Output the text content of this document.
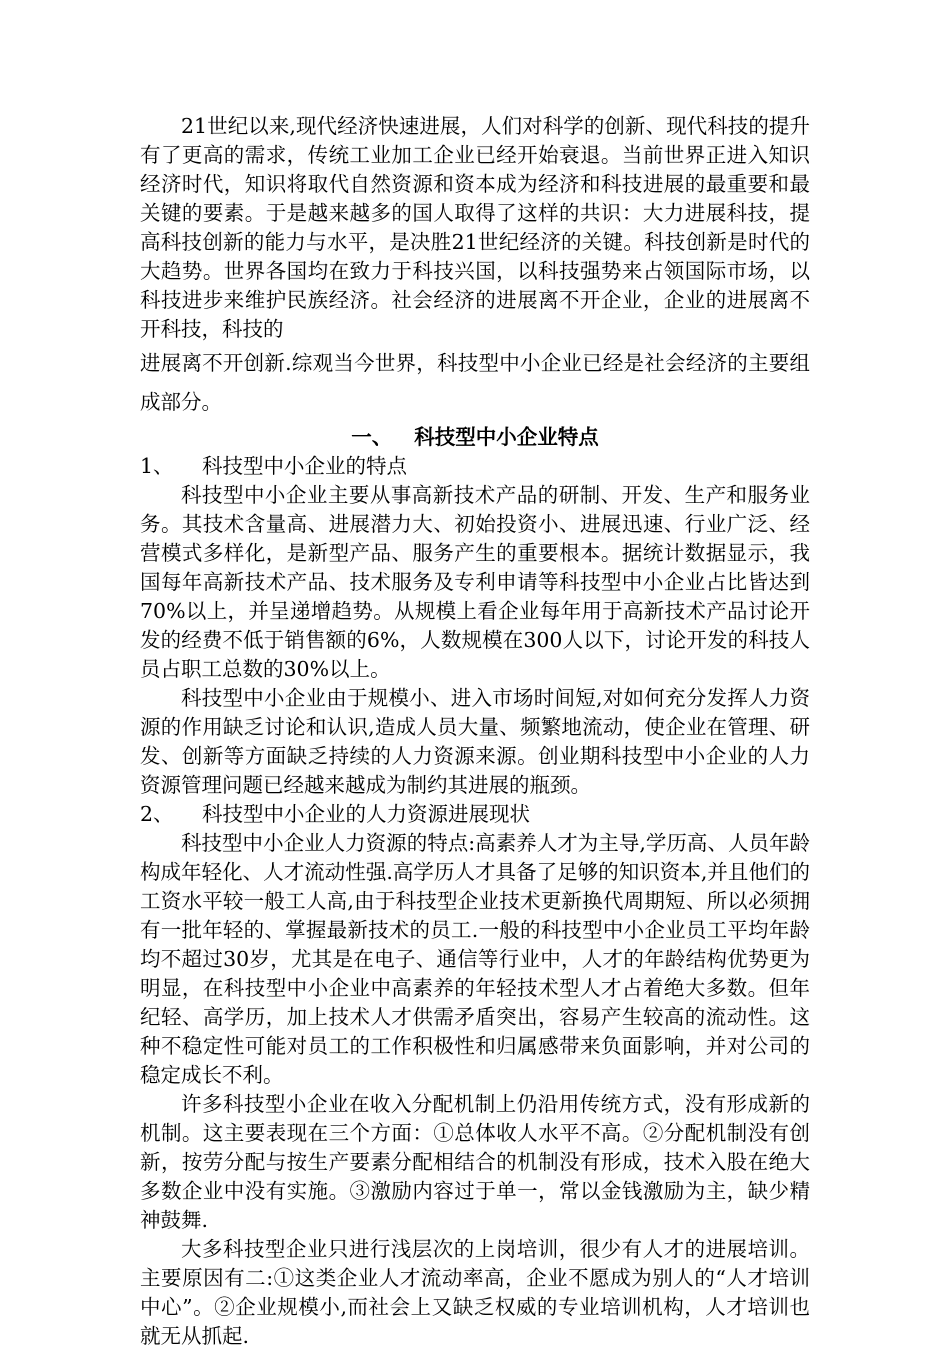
21世纪以来,现代经济快速进展，人们对科学的创新、现代科技的提升有了更高的需求，传统工业加工企业已经开始衰退。当前世界正进入知识经济时代，知识将取代自然资源和资本成为经济和科技进展的最重要和最关键的要素。于是越来越多的国人取得了这样的共识：大力进展科技，提高科技创新的能力与水平，是决胜21世纪经济的关键。科技创新是时代的大趋势。世界各国均在致力于科技兴国，以科技强势来占领国际市场，以科技进步来维护民族经济。社会经济的进展离不开企业，企业的进展离不开科技，科技的

进展离不开创新.综观当今世界，科技型中小企业已经是社会经济的主要组成部分。

一、 科技型中小企业特点

1、 科技型中小企业的特点

科技型中小企业主要从事高新技术产品的研制、开发、生产和服务业务。其技术含量高、进展潜力大、初始投资小、进展迅速、行业广泛、经营模式多样化，是新型产品、服务产生的重要根本。据统计数据显示，我国每年高新技术产品、技术服务及专利申请等科技型中小企业占比皆达到70%以上，并呈递增趋势。从规模上看企业每年用于高新技术产品讨论开发的经费不低于销售额的6%，人数规模在300人以下，讨论开发的科技人员占职工总数的30%以上。

科技型中小企业由于规模小、进入市场时间短,对如何充分发挥人力资源的作用缺乏讨论和认识,造成人员大量、频繁地流动，使企业在管理、研发、创新等方面缺乏持续的人力资源来源。创业期科技型中小企业的人力资源管理问题已经越来越成为制约其进展的瓶颈。

2、 科技型中小企业的人力资源进展现状

科技型中小企业人力资源的特点:高素养人才为主导,学历高、人员年龄构成年轻化、人才流动性强.高学历人才具备了足够的知识资本,并且他们的工资水平较一般工人高,由于科技型企业技术更新换代周期短、所以必须拥有一批年轻的、掌握最新技术的员工.一般的科技型中小企业员工平均年龄均不超过30岁，尤其是在电子、通信等行业中，人才的年龄结构优势更为明显，在科技型中小企业中高素养的年轻技术型人才占着绝大多数。但年纪轻、高学历，加上技术人才供需矛盾突出，容易产生较高的流动性。这种不稳定性可能对员工的工作积极性和归属感带来负面影响，并对公司的稳定成长不利。

许多科技型小企业在收入分配机制上仍沿用传统方式，没有形成新的机制。这主要表现在三个方面：①总体收人水平不高。②分配机制没有创新，按劳分配与按生产要素分配相结合的机制没有形成，技术入股在绝大多数企业中没有实施。③激励内容过于单一，常以金钱激励为主，缺少精神鼓舞.

大多科技型企业只进行浅层次的上岗培训，很少有人才的进展培训。主要原因有二:①这类企业人才流动率高，企业不愿成为别人的“人才培训中心”。②企业规模小,而社会上又缺乏权威的专业培训机构，人才培训也就无从抓起.
